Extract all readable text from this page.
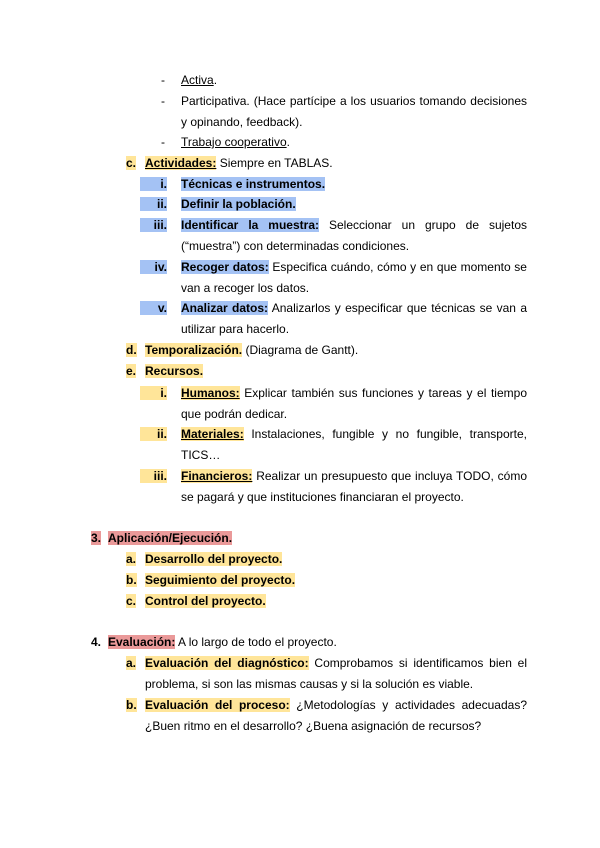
- Activa.
- Participativa. (Hace partícipe a los usuarios tomando decisiones y opinando, feedback).
- Trabajo cooperativo.
c. Actividades: Siempre en TABLAS.
i. Técnicas e instrumentos.
ii. Definir la población.
iii. Identificar la muestra: Seleccionar un grupo de sujetos (“muestra”) con determinadas condiciones.
iv. Recoger datos: Especifica cuándo, cómo y en que momento se van a recoger los datos.
v. Analizar datos: Analizarlos y especificar que técnicas se van a utilizar para hacerlo.
d. Temporalización. (Diagrama de Gantt).
e. Recursos.
i. Humanos: Explicar también sus funciones y tareas y el tiempo que podrán dedicar.
ii. Materiales: Instalaciones, fungible y no fungible, transporte, TICS…
iii. Financieros: Realizar un presupuesto que incluya TODO, cómo se pagará y que instituciones financiaran el proyecto.
3. Aplicación/Ejecución.
a. Desarrollo del proyecto.
b. Seguimiento del proyecto.
c. Control del proyecto.
4. Evaluación: A lo largo de todo el proyecto.
a. Evaluación del diagnóstico: Comprobamos si identificamos bien el problema, si son las mismas causas y si la solución es viable.
b. Evaluación del proceso: ¿Metodologías y actividades adecuadas?¿Buen ritmo en el desarrollo? ¿Buena asignación de recursos?
